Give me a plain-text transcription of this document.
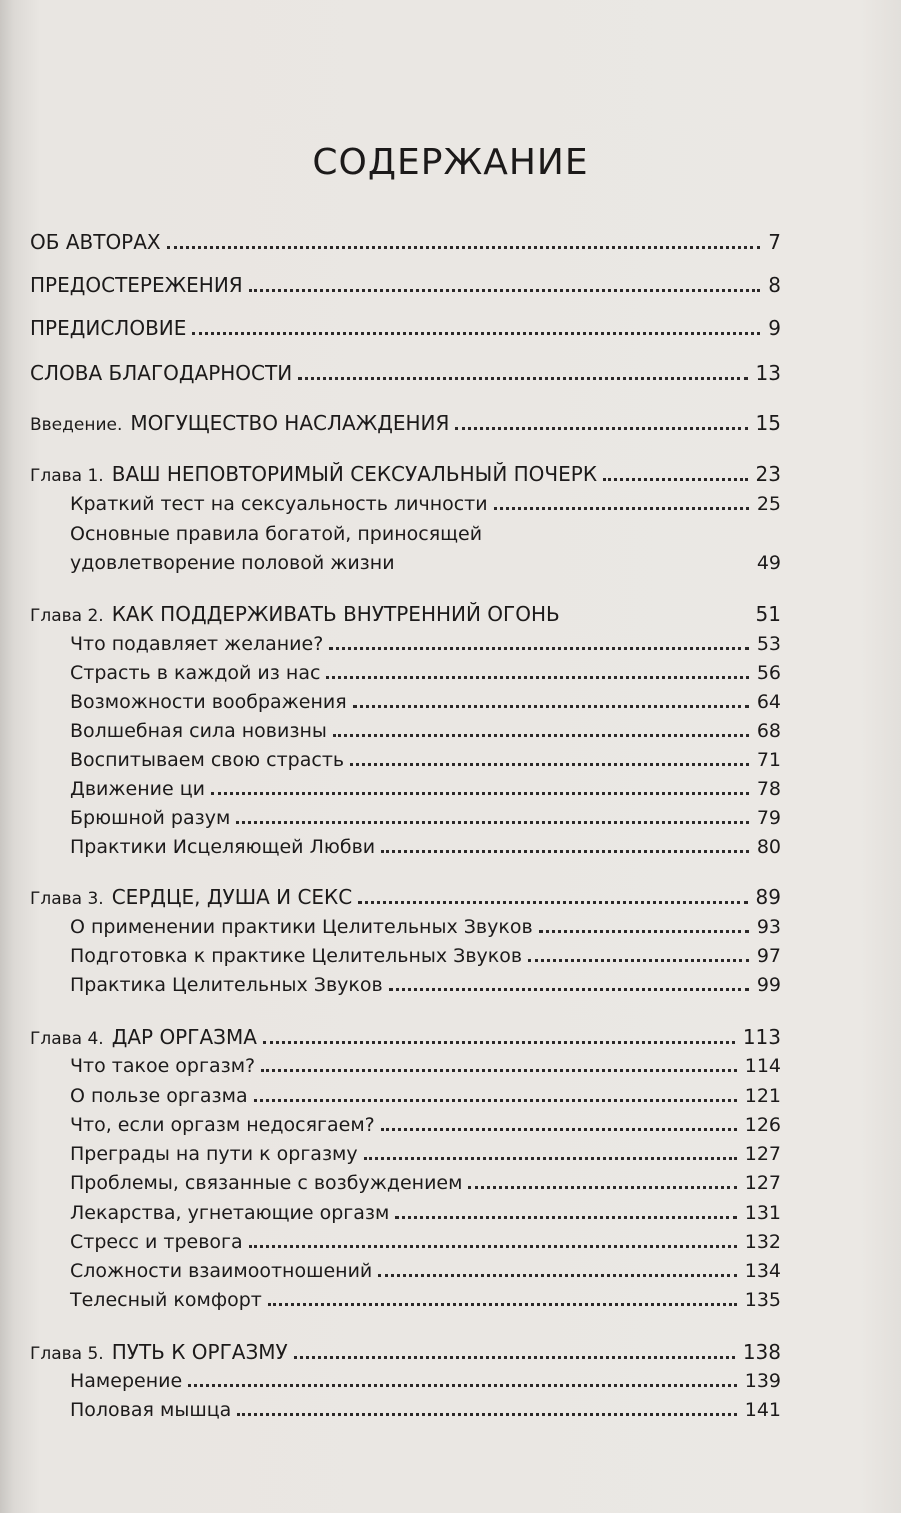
СОДЕРЖАНИЕ
ОБ АВТОРАХ	7
ПРЕДОСТЕРЕЖЕНИЯ	8
ПРЕДИСЛОВИЕ	9
СЛОВА БЛАГОДАРНОСТИ	13
Введение. МОГУЩЕСТВО НАСЛАЖДЕНИЯ	15
Глава 1. ВАШ НЕПОВТОРИМЫЙ СЕКСУАЛЬНЫЙ ПОЧЕРК	23
Краткий тест на сексуальность личности	25
Основные правила богатой, приносящей
удовлетворение половой жизни	49
Глава 2. КАК ПОДДЕРЖИВАТЬ ВНУТРЕННИЙ ОГОНЬ	51
Что подавляет желание?	53
Страсть в каждой из нас	56
Возможности воображения	64
Волшебная сила новизны	68
Воспитываем свою страсть	71
Движение ци	78
Брюшной разум	79
Практики Исцеляющей Любви	80
Глава 3. СЕРДЦЕ, ДУША И СЕКС	89
О применении практики Целительных Звуков	93
Подготовка к практике Целительных Звуков	97
Практика Целительных Звуков	99
Глава 4. ДАР ОРГАЗМА	113
Что такое оргазм?	114
О пользе оргазма	121
Что, если оргазм недосягаем?	126
Преграды на пути к оргазму	127
Проблемы, связанные с возбуждением	127
Лекарства, угнетающие оргазм	131
Стресс и тревога	132
Сложности взаимоотношений	134
Телесный комфорт	135
Глава 5. ПУТЬ К ОРГАЗМУ	138
Намерение	139
Половая мышца	141
